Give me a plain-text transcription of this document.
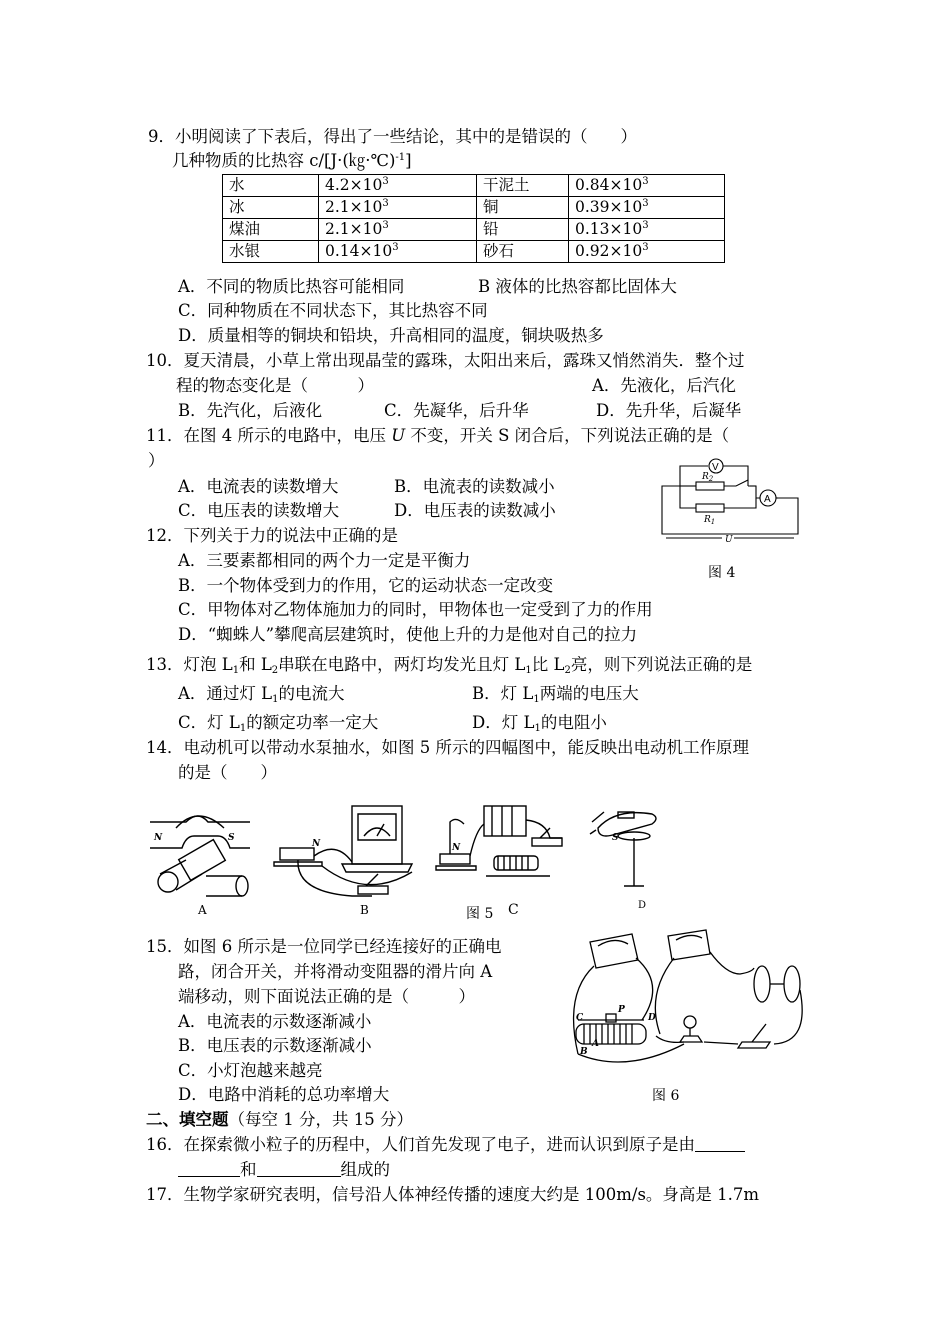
9．小明阅读了下表后，得出了一些结论，其中的是错误的（　　）
几种物质的比热容 c/[J·(㎏·℃)$^{-1}$]
水	$4.2\times 10^3$	干泥土	$0.84\times 10^3$
冰	$2.1\times 10^3$	铜	$0.39\times 10^3$
煤油	$2.1\times 10^3$	铅	$0.13\times 10^3$
水银	$0.14\times 10^3$	砂石	$0.92\times 10^3$
A．不同的物质比热容可能相同	B 液体的比热容都比固体大
C．同种物质在不同状态下，其比热容不同
D．质量相等的铜块和铅块，升高相同的温度，铜块吸热多
10．夏天清晨，小草上常出现晶莹的露珠，太阳出来后，露珠又悄然消失．整个过
程的物态变化是（　　　）	A．先液化，后汽化
B．先汽化，后液化	C．先凝华，后升华	D．先升华，后凝华
11．在图 4 所示的电路中，电压 U 不变，开关 S 闭合后，下列说法正确的是（
）
A．电流表的读数增大	B．电流表的读数减小
C．电压表的读数增大	D．电压表的读数减小
V
A
$R_2$
$R_1$
U
图 4
12．下列关于力的说法中正确的是
A．三要素都相同的两个力一定是平衡力
B．一个物体受到力的作用，它的运动状态一定改变
C．甲物体对乙物体施加力的同时，甲物体也一定受到了力的作用
D．“蜘蛛人”攀爬高层建筑时，使他上升的力是他对自己的拉力
13．灯泡 $L_1$和 $L_2$串联在电路中，两灯均发光且灯 $L_1$比 $L_2$亮，则下列说法正确的是
A．通过灯 $L_1$的电流大	B．灯 $L_1$两端的电压大
C．灯 $L_1$的额定功率一定大	D．灯 $L_1$的电阻小
14．电动机可以带动水泵抽水，如图 5 所示的四幅图中，能反映出电动机工作原理
的是（　　）
N	S
N	N
S
A	B	图 5 C	D
15．如图 6 所示是一位同学已经连接好的正确电
路，闭合开关，并将滑动变阻器的滑片向 A
端移动，则下面说法正确的是（　　　）
A．电流表的示数逐渐减小
B．电压表的示数逐渐减小
C．小灯泡越来越亮
D．电路中消耗的总功率增大
C
P
D
B
A
图 6
二、填空题（每空 1 分，共 15 分）
16．在探索微小粒子的历程中，人们首先发现了电子，进而认识到原子是由
和	组成的
17．生物学家研究表明，信号沿人体神经传播的速度大约是 100m/s。身高是 1.7m
